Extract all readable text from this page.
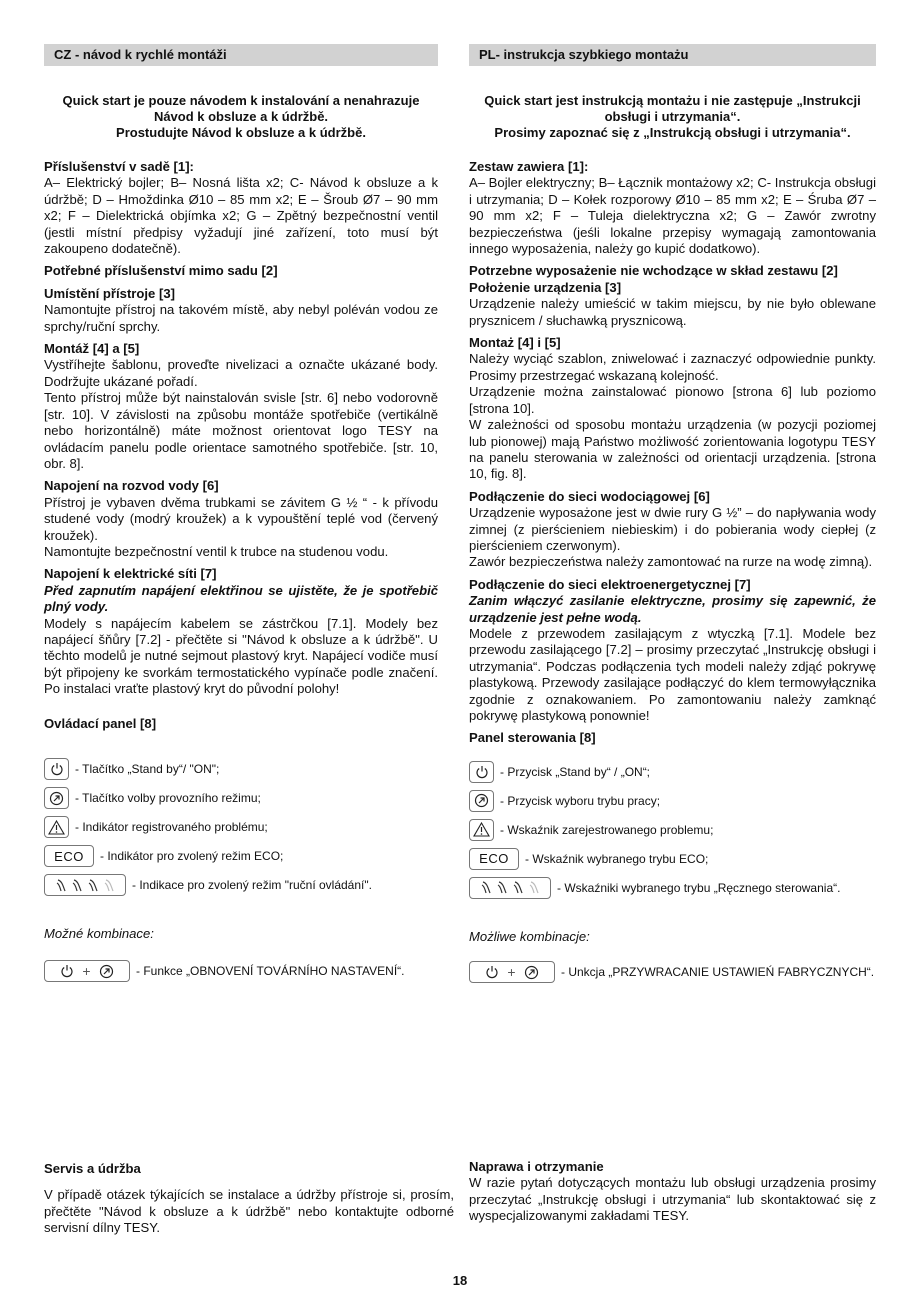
CZ - návod k rychlé montáži
Quick start je pouze návodem k instalování a nenahrazuje
Návod k obsluze a k údržbě.
Prostudujte Návod k obsluze a k údržbě.

Příslušenství v sadě [1]:

A– Elektrický bojler; B– Nosná lišta x2; C- Návod k obsluze a k údržbě; D – Hmoždinka Ø10 – 85 mm x2; E – Šroub Ø7 – 90 mm x2; F – Dielektrická objímka x2; G – Zpětný bezpečnostní ventil (jestli místní předpisy vyžadují jiné zařízení, toto musí být zakoupeno dodatečně).

Potřebné příslušenství mimo sadu [2]

Umístění přístroje [3]

Namontujte přístroj na takovém místě, aby nebyl poléván vodou ze sprchy/ruční sprchy.

Montáž [4] a [5]

Vystříhejte šablonu, proveďte nivelizaci a označte ukázané body. Dodržujte ukázané pořadí.

Tento přístroj může být nainstalován svisle [str. 6] nebo vodorovně [str. 10]. V závislosti na způsobu montáže spotřebiče (vertikálně nebo horizontálně) máte možnost orientovat logo TESY na ovládacím panelu podle orientace samotného spotřebiče. [str. 10, obr. 8].

Napojení na rozvod vody [6]

Přístroj je vybaven dvěma trubkami se závitem G ½ “ - k přívodu studené vody (modrý kroužek) a k vypouštění teplé vod (červený kroužek).

Namontujte bezpečnostní ventil k trubce na studenou vodu.

Napojení k elektrické síti [7]

Před zapnutím napájení elektřinou se ujistěte, že je spotřebič plný vody.

Modely s napájecím kabelem se zástrčkou [7.1]. Modely bez napájecí šňůry [7.2] - přečtěte si "Návod k obsluze a k údržbě". U těchto modelů je nutné sejmout plastový kryt. Napájecí vodiče musí být připojeny ke svorkám termostatického vypínače podle značení. Po instalaci vraťte plastový kryt do původní polohy!

Ovládací panel [8]

- Tlačítko „Stand by“/ "ON";
- Tlačítko volby provozního režimu;
- Indikátor registrovaného problému;
ECO	- Indikátor pro zvolený režim ECO;
- Indikace pro zvolený režim "ruční ovládání".
Možné kombinace:
+	- Funkce „OBNOVENÍ TOVÁRNÍHO NASTAVENÍ“.

Servis a údržba

V případě otázek týkajících se instalace a údržby přístroje si, prosím, přečtěte "Návod k obsluze a k údržbě" nebo kontaktujte odborné servisní dílny TESY.

PL- instrukcja szybkiego montażu
Quick start jest instrukcją montażu i nie zastępuje „Instrukcji
obsługi i utrzymania“.
Prosimy zapoznać się z „Instrukcją obsługi i utrzymania“.

Zestaw zawiera [1]:

A– Bojler elektryczny; B– Łącznik montażowy x2; C- Instrukcja obsługi i utrzymania; D – Kołek rozporowy Ø10 – 85 mm x2; E – Śruba Ø7 – 90 mm x2; F – Tuleja dielektryczna x2; G – Zawór zwrotny bezpieczeństwa (jeśli lokalne przepisy wymagają zamontowania innego wyposażenia, należy go kupić dodatkowo).

Potrzebne wyposażenie nie wchodzące w skład zestawu [2]

Położenie urządzenia [3]

Urządzenie należy umieścić w takim miejscu, by nie było oblewane prysznicem / słuchawką prysznicową.

Montaż [4] i [5]

Należy wyciąć szablon, zniwelować i zaznaczyć odpowiednie punkty. Prosimy przestrzegać wskazaną kolejność.

Urządzenie można zainstalować pionowo [strona 6] lub poziomo [strona 10].

W zależności od sposobu montażu urządzenia (w pozycji poziomej lub pionowej) mają Państwo możliwość zorientowania logotypu TESY na panelu sterowania w zależności od orientacji urządzenia. [strona 10, fig. 8].

Podłączenie do sieci wodociągowej [6]

Urządzenie wyposażone jest w dwie rury G ½” – do napływania wody zimnej (z pierścieniem niebieskim) i do pobierania wody ciepłej (z pierścieniem czerwonym).

Zawór bezpieczeństwa należy zamontować na rurze na wodę zimną).

Podłączenie do sieci elektroenergetycznej [7]

Zanim włączyć zasilanie elektryczne, prosimy się zapewnić, że urządzenie jest pełne wodą.

Modele z przewodem zasilającym z wtyczką [7.1]. Modele bez przewodu zasilającego [7.2] – prosimy przeczytać „Instrukcję obsługi i utrzymania“. Podczas podłączenia tych modeli należy zdjąć pokrywę plastykową. Przewody zasilające podłączyć do klem termowyłącznika zgodnie z oznakowaniem. Po zamontowaniu należy zamknąć pokrywę plastykową ponownie!

Panel sterowania [8]

- Przycisk „Stand by“ / „ON“;
- Przycisk wyboru trybu pracy;
- Wskaźnik zarejestrowanego problemu;
ECO	- Wskaźnik wybranego trybu ECO;
- Wskaźniki wybranego trybu „Ręcznego sterowania“.
Możliwe kombinacje:
+	- Unkcja „PRZYWRACANIE USTAWIEŃ FABRYCZNYCH“.

Naprawa i otrzymanie

W razie pytań dotyczących montażu lub obsługi urządzenia prosimy przeczytać „Instrukcję obsługi i utrzymania“ lub skontaktować się z wyspecjalizowanymi zakładami TESY.

18
